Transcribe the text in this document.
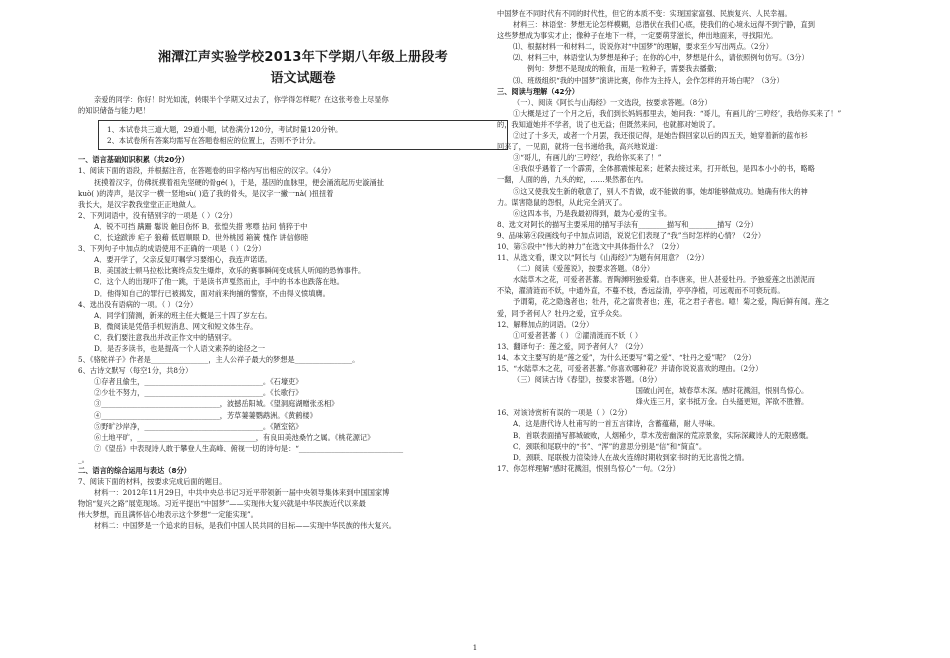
湘潭江声实验学校2013年下学期八年级上册段考
语文试题卷
亲爱的同学：你好！时光如流，转眼半个学期又过去了，你学得怎样呢？在这张考卷上尽显你
的知识储备与能力吧！
1、本试卷共三道大题，29道小题，试卷满分120分，考试时量120分钟。
2、本试卷所有答案均需写在答题卷相应的位置上，否则不予计分。
一、语言基础知识积累（共20分）
1、阅读下面的语段，并根据注音，在答题卷的田字格内写出相应的汉字。（4分）
抚摸着汉字，仿佛抚摸着祖先坚硬的骨gé( )，于是，基因的血脉里，便会涌流起历史漩涌扯
kuò( )的涛声，是汉字一横一竖地sù( )造了我的骨头，是汉字一撇一nà( )扭扭着
我长大，是汉字教我堂堂正正地做人。
2、下列词语中，没有错别字的一项是（ ）（2分）
A．锐不可挡 蹒跚 鬈说 触目伤怀 B．张惶失措 寒噤 拈问 悄猝于中
C．长途跋涉 疟子 狼藉 低眉顺眼 D．世外桃园 箱簧 愧作 讲信修睦
3、下列句子中加点的成语使用不正确的一项是（ ）（2分）
A．要开学了，父亲反复叮嘱学习要细心，我连声诺诺。
B．美国波士顿马拉松比赛终点发生爆炸，欢乐的赛事瞬间变成骇人听闻的恐怖事件。
C．这个人的出现吓了他一跳，于是读书声戛然而止，手中的书本也跌落在地。
D．他得知自己的罪行已被揭发，面对前来拘捕的警察，不由得义愤填膺。
4、选出没有语病的一项。（ ）（2分）
A．同学们猜测，新来的班主任大概是三十四了岁左右。
B．微阅读是凭借手机短消息、网文和短文体生存。
C．我们要注意我出并改正作文中的错别字。
D．是否多读书，也是提高一个人语文素养的途径之一
5、《骆驼祥子》作者是________________，主人公祥子最大的梦想是________________。
6、古诗文默写（每空1分，共8分）
①存者且偷生，_________________________________。《石壕吏》
②少壮不努力，_________________________________。《长歌行》
③_________________________________，波撼岳阳城。《望洞庭湖赠张丞相》
④_________________________________，芳草萋萋鹦鹉洲。《黄鹤楼》
⑤野旷沙岸净，_________________________________。《陋室铭》
⑥土地平旷，_________________________________，有良田美池桑竹之属。《桃花源记》
⑦《望岳》中表现诗人敢于攀登人生高峰、俯视一切的诗句是：“_____________________________
_。
二、语言的综合运用与表达（8分）
7、阅读下面的材料，按要求完成后面的题目。
材料一：2012年11月29日，中共中央总书记习近平带领新一届中央领导集体来到中国国家博
物馆“复兴之路”展览现场。习近平提出“中国梦”——实现伟大复兴就是中华民族近代以来最
伟大梦想，而且满怀信心地表示这个梦想“一定能实现”。
材料二：中国梦是一个追求的目标，是我们中国人民共同的目标——实现中华民族的伟大复兴。
中国梦在不同时代有不同的时代性，但它的本质不变：实现国家富强、民族复兴、人民幸福。
材料三：林语堂：梦想无论怎样模糊，总潜伏在我们心底，使我们的心境永远得不到宁静，直到
这些梦想成为事实才止；像种子在地下一样，一定要萌芽滋长，伸出地面来，寻找阳光。
⑴、根据材料一和材料二，说说你对“中国梦”的理解，要求至少写出两点。（2分）
⑵、材料三中，林语堂认为梦想是种子；在你的心中，梦想是什么，请依照例句仿写。（3分）
例句：梦想不是现成的粮食，而是一粒种子，需要我去播撒；
⑶、班级组织“我的中国梦”演讲比赛，你作为主持人，会作怎样的开场白呢？（3分）
三、阅读与理解（42分）
（一）、阅读《阿长与山海经》一文选段，按要求答题。（8分）
①大概是过了一个月之后，我们到长妈妈那里去，她问我：“哥儿，有画儿的‘三哼经’，我给你买来了！”
的，我知道她并不学者，说了也无益；但既然来问，也就都对她说了。
②过了十多天，或者一个月罢，我还很记得，是她告假回家以后的四五天，她穿着新的蓝布衫
回来了，一见面，就将一包书递给我，高兴地说道：
③“哥儿，有画儿的‘三哼经’，我给你买来了！”
④我似乎遇着了一个霹雳，全体都震悚起来；赶紧去接过来，打开纸包，是四本小小的书，略略
一翻，人面的兽，九头的蛇，……果然都在内。
⑤这又使我发生新的敬意了，别人不肯做，或不能做的事，她却能够做成功。她确有伟大的神
力。谋害隐鼠的怨恨，从此完全消灭了。
⑥这四本书，乃是我最初得到，最为心爱的宝书。
8、选文对阿长的描写主要采用的描写手法有________描写和________描写（2分）
9、品味第④段画线句子中加点词语，说说它们表现了“我”当时怎样的心情？（2分）
10、第⑤段中“伟大的神力”在选文中具体指什么？（2分）
11、从选文看，课文以“阿长与《山海经》”为题有何用意？（2分）
（二）阅读《爱莲说》，按要求答题。（8分）
水陆草木之花，可爱者甚蕃。晋陶渊明独爱菊。自李唐来，世人甚爱牡丹。予独爱莲之出淤泥而
不染，濯清涟而不妖，中通外直，不蔓不枝，香远益清，亭亭净植，可远观而不可亵玩焉。
予谓菊，花之隐逸者也；牡丹，花之富贵者也；莲，花之君子者也。噫！菊之爱，陶后鲜有闻。莲之
爱，同予者何人？牡丹之爱，宜乎众矣。
12、解释加点的词语。（2分）
①可爱者甚蕃（ ） ②濯清涟而不妖（ ）
13、翻译句子：莲之爱，同予者何人？（2分）
14、本文主要写的是“莲之爱”，为什么还要写“菊之爱”、“牡丹之爱”呢？（2分）
15、“水陆草木之花，可爱者甚蕃。”你喜欢哪种花？并请你说说喜欢的理由。（2分）
（三）阅读古诗《春望》，按要求答题。（8分）
国破山河在，城春草木深。感时花溅泪，恨别鸟惊心。
烽火连三月，家书抵万金。白头搔更短，浑欲不胜簪。
16、对该诗赏析有误的一项是（ ）（2分）
A．这是唐代诗人杜甫写的一首五言律诗，含蓄蕴藉，耐人寻味。
B．首联表面描写都城破败，人烟稀少，草木茂密幽深的荒凉景象，实际深藏诗人的无限感慨。
C．颈联和尾联中的“书”、“浑”的意思分别是“信”和“简直”。
D．颈联、尾联极力渲染诗人在战火连绵时期收到家书时的无比喜悦之情。
17、你怎样理解“感时花溅泪，恨别鸟惊心”一句。（2分）
1
